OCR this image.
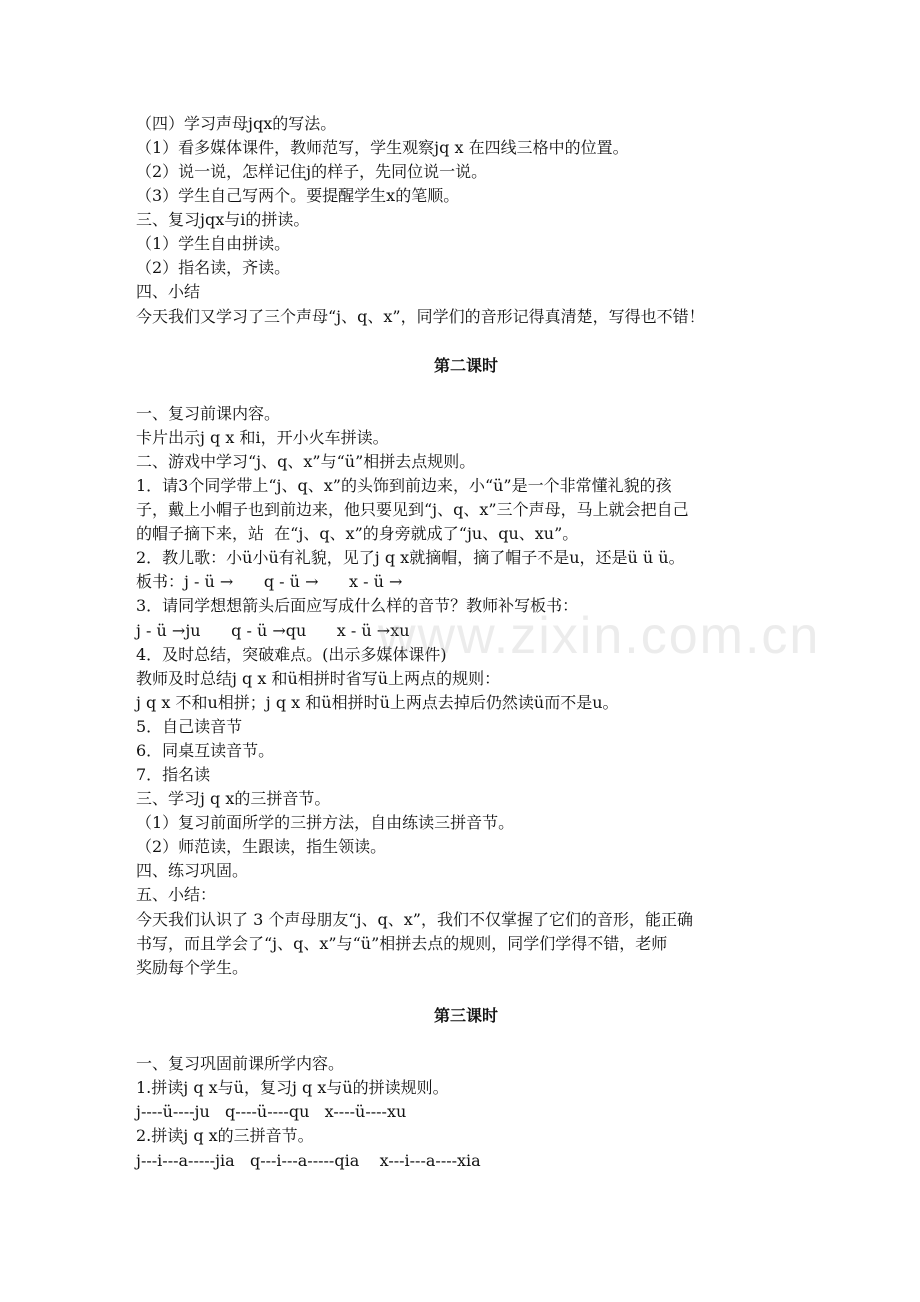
（四）学习声母jqx的写法。
（1）看多媒体课件，教师范写，学生观察jq x 在四线三格中的位置。
（2）说一说，怎样记住j的样子，先同位说一说。
（3）学生自己写两个。要提醒学生x的笔顺。
三、复习jqx与i的拼读。
（1）学生自由拼读。
（2）指名读，齐读。
四、小结
今天我们又学习了三个声母“j、q、x”，同学们的音形记得真清楚，写得也不错！
第二课时
一、复习前课内容。
卡片出示j q x 和i，开小火车拼读。
二、游戏中学习“j、q、x”与“ü”相拼去点规则。
1．请3个同学带上“j、q、x”的头饰到前边来，小“ü”是一个非常懂礼貌的孩
子，戴上小帽子也到前边来，他只要见到“j、q、x”三个声母，马上就会把自己
的帽子摘下来，站  在“j、q、x”的身旁就成了“ju、qu、xu”。
2．教儿歌：小ü小ü有礼貌，见了j q x就摘帽，摘了帽子不是u，还是ü ü ü。
板书：j - ü →      q - ü →      x - ü →
3．请同学想想箭头后面应写成什么样的音节？教师补写板书：
j - ü →ju      q - ü →qu      x - ü →xu
4．及时总结，突破难点。(出示多媒体课件)
教师及时总结j q x 和ü相拼时省写ü上两点的规则：
j q x 不和u相拼；j q x 和ü相拼时ü上两点去掉后仍然读ü而不是u。
5．自己读音节
6．同桌互读音节。
7．指名读
三、学习j q x的三拼音节。
（1）复习前面所学的三拼方法，自由练读三拼音节。
（2）师范读，生跟读，指生领读。
四、练习巩固。
五、小结：
今天我们认识了 3 个声母朋友“j、q、x”，我们不仅掌握了它们的音形，能正确
书写，而且学会了“j、q、x”与“ü”相拼去点的规则，同学们学得不错，老师
奖励每个学生。
第三课时
一、复习巩固前课所学内容。
1.拼读j q x与ü，复习j q x与ü的拼读规则。
j----ü----ju   q----ü----qu   x----ü----xu
2.拼读j q x的三拼音节。
j---i---a-----jia   q---i---a-----qia    x---i---a----xia
www.zixin.com.cn
